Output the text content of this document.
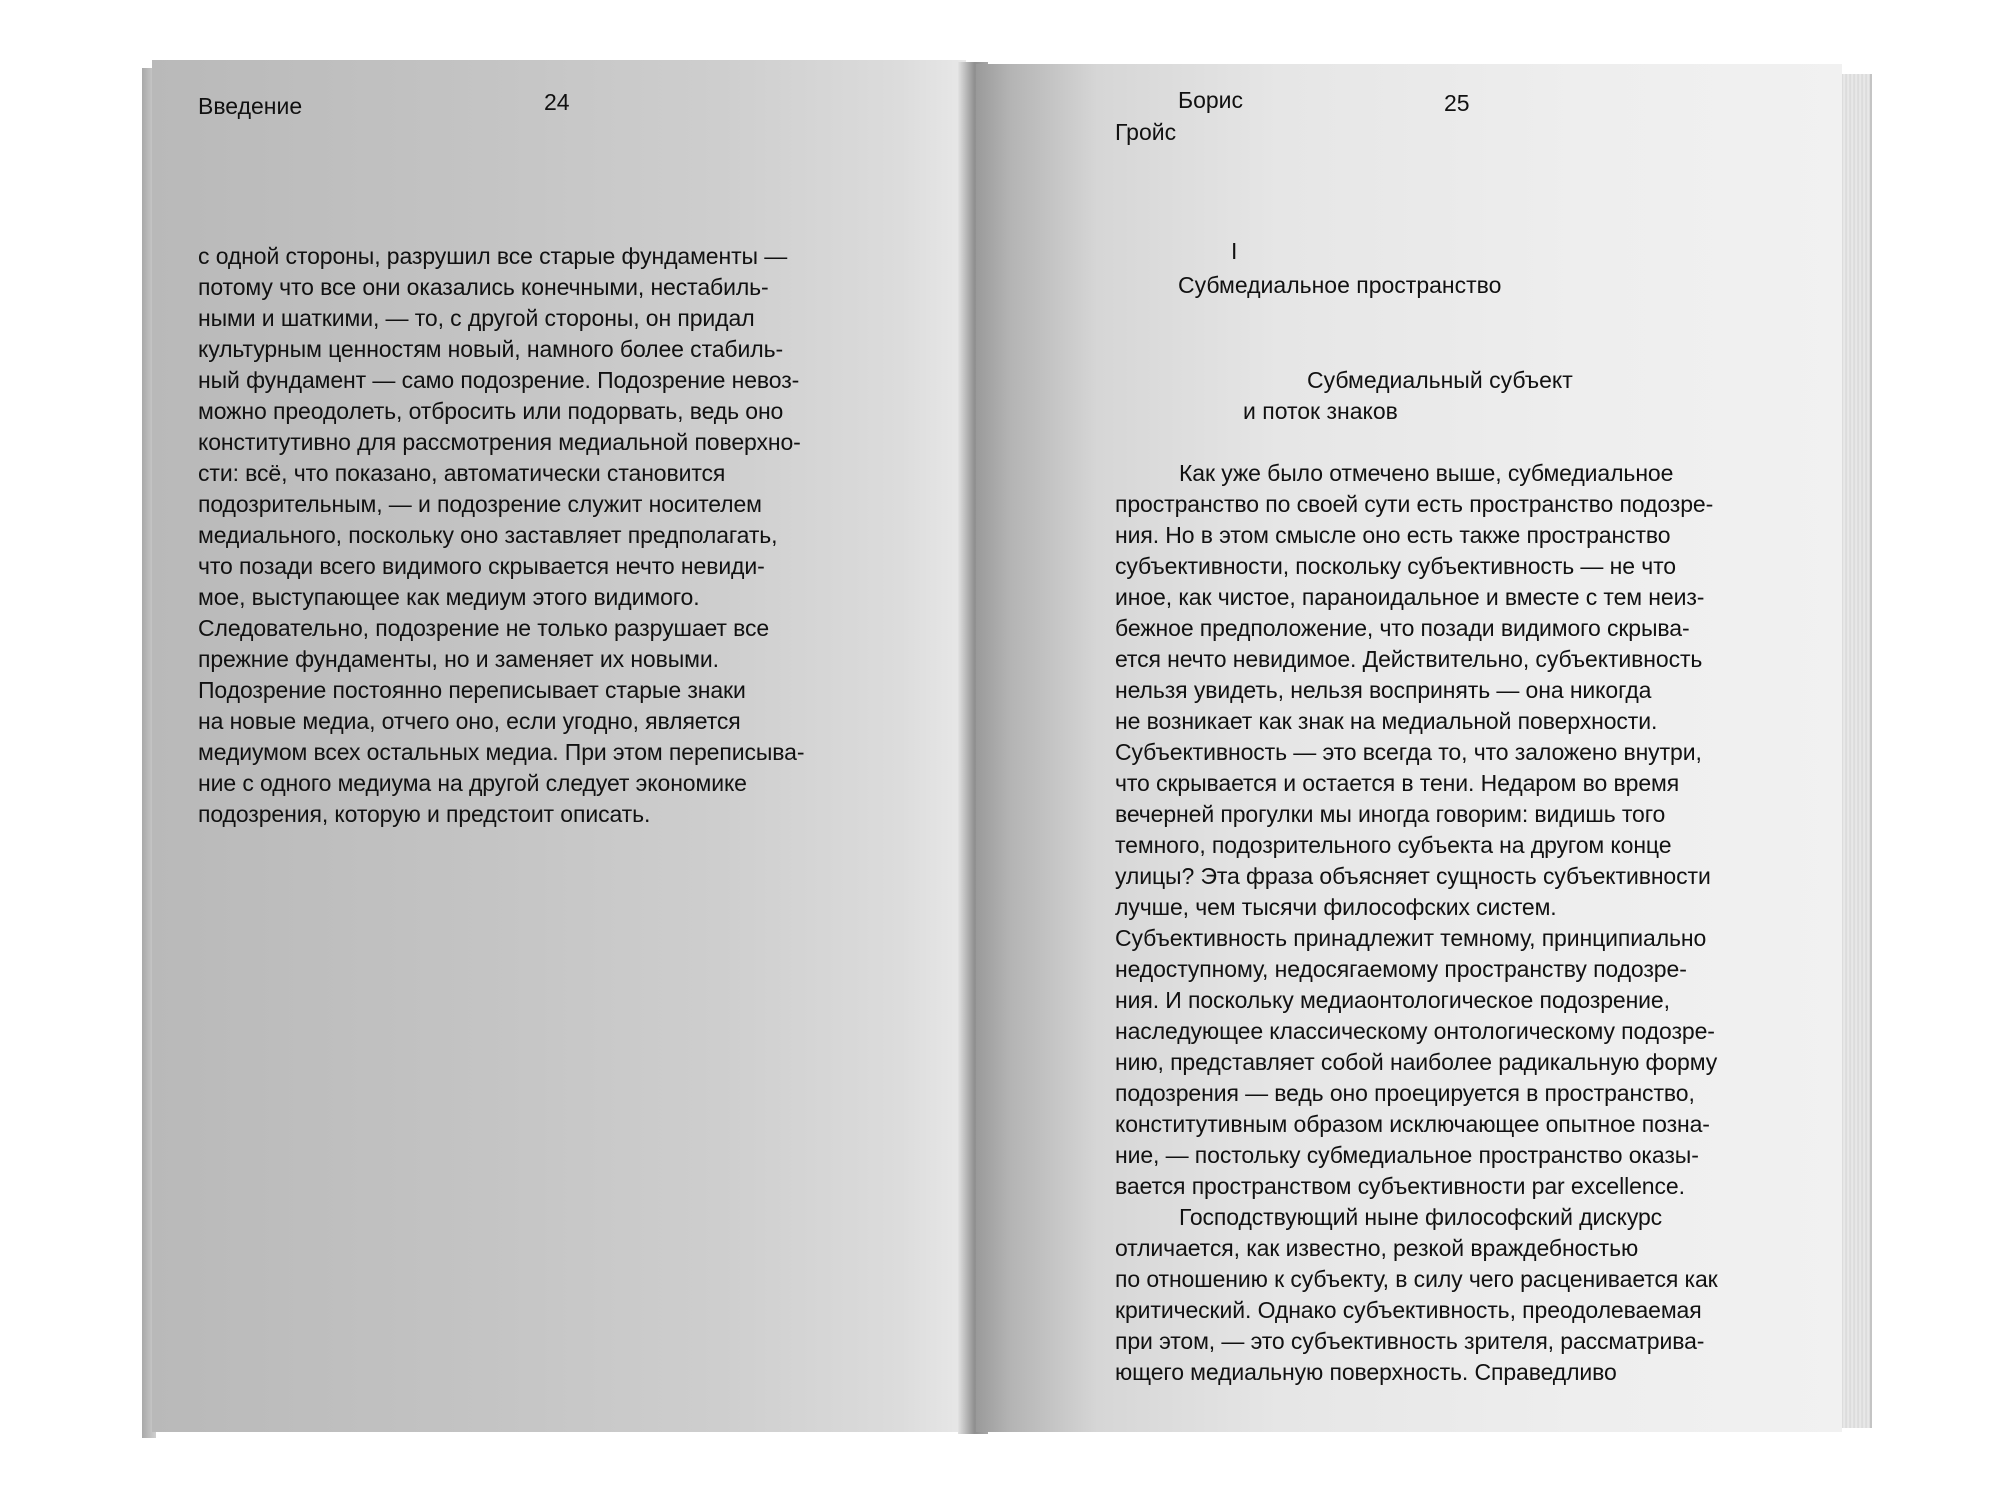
Введение	24

с одной стороны, разрушил все старые фундаменты —
потому что все они оказались конечными, нестабиль-
ными и шаткими, — то, с другой стороны, он придал
культурным ценностям новый, намного более стабиль-
ный фундамент — само подозрение. Подозрение невоз-
можно преодолеть, отбросить или подорвать, ведь оно
конститутивно для рассмотрения медиальной поверхно-
сти: всё, что показано, автоматически становится
подозрительным, — и подозрение служит носителем
медиального, поскольку оно заставляет предполагать,
что позади всего видимого скрывается нечто невиди-
мое, выступающее как медиум этого видимого.
Следовательно, подозрение не только разрушает все
прежние фундаменты, но и заменяет их новыми.
Подозрение постоянно переписывает старые знаки
на новые медиа, отчего оно, если угодно, является
медиумом всех остальных медиа. При этом переписыва-
ние с одного медиума на другой следует экономике
подозрения, которую и предстоит описать.

Борис

Гройс

25

I

Субмедиальное пространство

Субмедиальный субъект

и поток знаков

Как уже было отмечено выше, субмедиальное
пространство по своей сути есть пространство подозре-
ния. Но в этом смысле оно есть также пространство
субъективности, поскольку субъективность — не что
иное, как чистое, параноидальное и вместе с тем неиз-
бежное предположение, что позади видимого скрыва-
ется нечто невидимое. Действительно, субъективность
нельзя увидеть, нельзя воспринять — она никогда
не возникает как знак на медиальной поверхности.
Субъективность — это всегда то, что заложено внутри,
что скрывается и остается в тени. Недаром во время
вечерней прогулки мы иногда говорим: видишь того
темного, подозрительного субъекта на другом конце
улицы? Эта фраза объясняет сущность субъективности
лучше, чем тысячи философских систем.
Субъективность принадлежит темному, принципиально
недоступному, недосягаемому пространству подозре-
ния. И поскольку медиаонтологическое подозрение,
наследующее классическому онтологическому подозре-
нию, представляет собой наиболее радикальную форму
подозрения — ведь оно проецируется в пространство,
конститутивным образом исключающее опытное позна-
ние, — постольку субмедиальное пространство оказы-
вается пространством субъективности par excellence.
Господствующий ныне философский дискурс
отличается, как известно, резкой враждебностью
по отношению к субъекту, в силу чего расценивается как
критический. Однако субъективность, преодолеваемая
при этом, — это субъективность зрителя, рассматрива-
ющего медиальную поверхность. Справедливо
